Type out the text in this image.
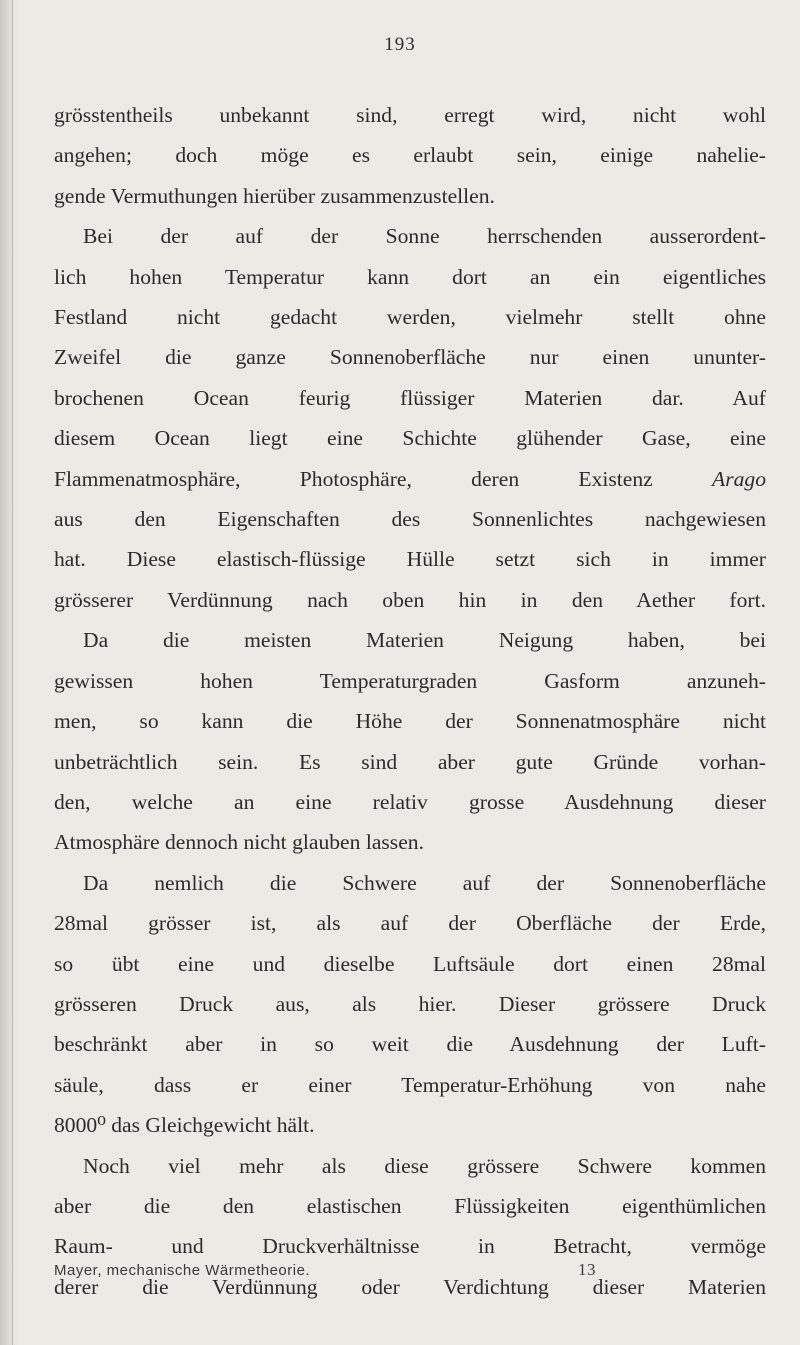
193
grösstentheils unbekannt sind, erregt wird, nicht wohl
angehen; doch möge es erlaubt sein, einige nahelie-
gende Vermuthungen hierüber zusammenzustellen.
Bei der auf der Sonne herrschenden ausserordent-
lich hohen Temperatur kann dort an ein eigentliches
Festland nicht gedacht werden, vielmehr stellt ohne
Zweifel die ganze Sonnenoberfläche nur einen ununter-
brochenen Ocean feurig flüssiger Materien dar. Auf
diesem Ocean liegt eine Schichte glühender Gase, eine
Flammenatmosphäre, Photosphäre, deren Existenz	Arago
aus den Eigenschaften des Sonnenlichtes nachgewiesen
hat. Diese elastisch-flüssige Hülle setzt sich in immer
grösserer Verdünnung nach oben hin in den Aether fort.
Da die meisten Materien Neigung haben, bei
gewissen hohen Temperaturgraden Gasform anzuneh-
men, so kann die Höhe der Sonnenatmosphäre nicht
unbeträchtlich sein. Es sind aber gute Gründe vorhan-
den, welche an eine relativ grosse Ausdehnung dieser
Atmosphäre dennoch nicht glauben lassen.
Da nemlich die Schwere auf der Sonnenoberfläche
28mal grösser ist, als auf der Oberfläche der Erde,
so übt eine und dieselbe Luftsäule dort einen 28mal
grösseren Druck aus, als hier. Dieser grössere Druck
beschränkt aber in so weit die Ausdehnung der Luft-
säule, dass er einer Temperatur-Erhöhung von nahe
8000⁰ das Gleichgewicht hält.
Noch viel mehr als diese grössere Schwere kommen
aber die den elastischen Flüssigkeiten eigenthümlichen
Raum- und Druckverhältnisse in Betracht, vermöge
derer die Verdünnung oder Verdichtung dieser Materien
Mayer, mechanische Wärmetheorie.	13
